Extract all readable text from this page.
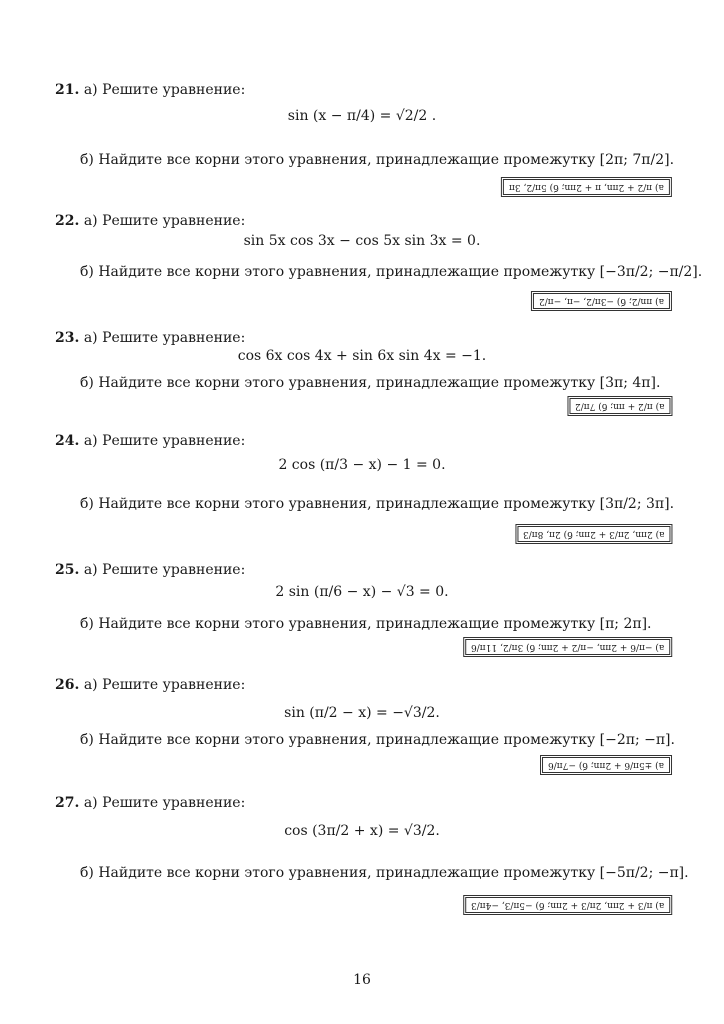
21. а) Решите уравнение:
sin (x − π/4) = √2/2 .
б) Найдите все корни этого уравнения, принадлежащие промежутку [2π; 7π/2].
а) π/2 + 2πn, π + 2πn; б) 5π/2, 3π
22. а) Решите уравнение:
sin 5x cos 3x − cos 5x sin 3x = 0.
б) Найдите все корни этого уравнения, принадлежащие промежутку [−3π/2; −π/2].
а) πn/2; б) −3π/2, −π, −π/2
23. а) Решите уравнение:
cos 6x cos 4x + sin 6x sin 4x = −1.
б) Найдите все корни этого уравнения, принадлежащие промежутку [3π; 4π].
а) π/2 + πn; б) 7π/2
24. а) Решите уравнение:
2 cos (π/3 − x) − 1 = 0.
б) Найдите все корни этого уравнения, принадлежащие промежутку [3π/2; 3π].
а) 2πn, 2π/3 + 2πn; б) 2π, 8π/3
25. а) Решите уравнение:
2 sin (π/6 − x) − √3 = 0.
б) Найдите все корни этого уравнения, принадлежащие промежутку [π; 2π].
а) −π/6 + 2πn, −π/2 + 2πn; б) 3π/2, 11π/6
26. а) Решите уравнение:
sin (π/2 − x) = −√3/2.
б) Найдите все корни этого уравнения, принадлежащие промежутку [−2π; −π].
а) ±5π/6 + 2πn; б) −7π/6
27. а) Решите уравнение:
cos (3π/2 + x) = √3/2.
б) Найдите все корни этого уравнения, принадлежащие промежутку [−5π/2; −π].
а) π/3 + 2πn, 2π/3 + 2πn; б) −5π/3, −4π/3
16
